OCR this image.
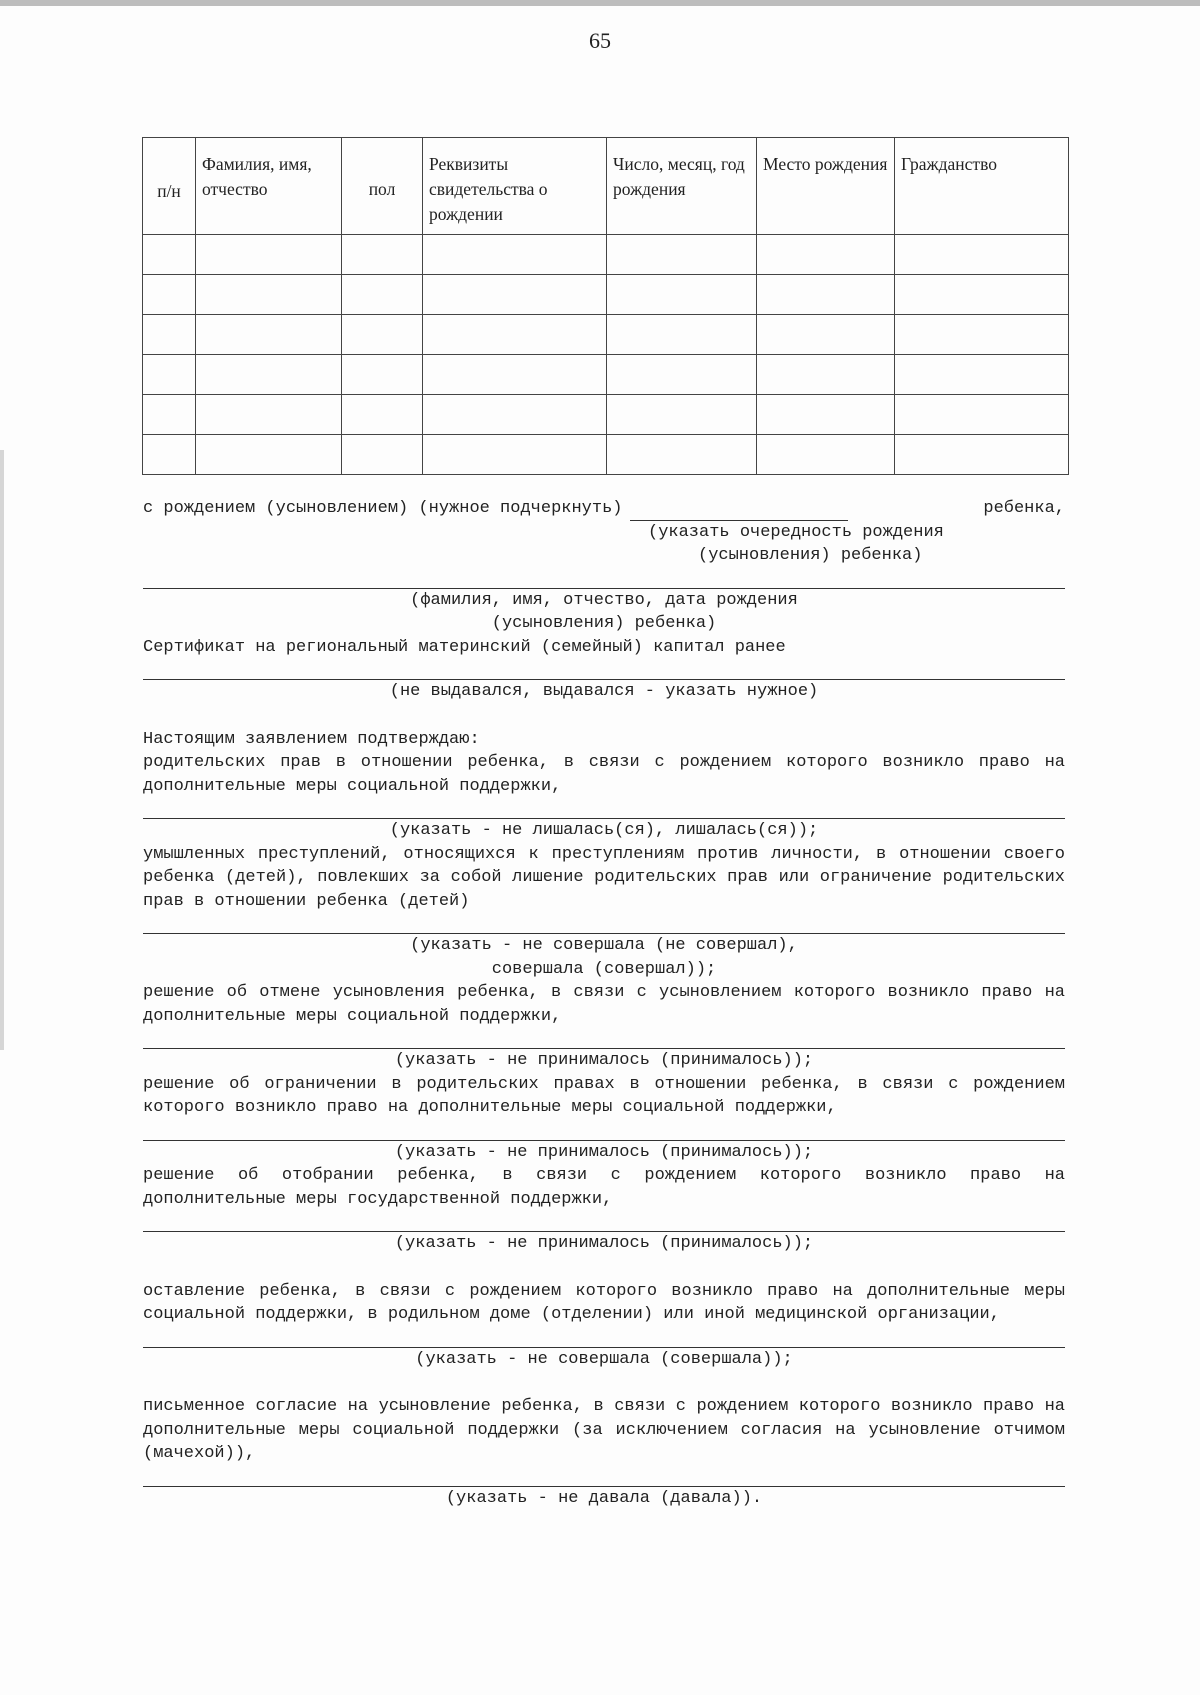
65
п/н	Фамилия, имя, отчество	пол	Реквизиты свидетельства о рождении	Число, месяц, год рождения	Место рождения	Гражданство

с рождением (усыновлением) (нужное подчеркнуть)	ребенка,
(указать очередность рождения
(усыновления) ребенка)
(фамилия, имя, отчество, дата рождения
(усыновления) ребенка)
Сертификат на региональный материнский (семейный) капитал ранее
(не выдавался, выдавался - указать нужное)
Настоящим заявлением подтверждаю:
родительских прав в отношении ребенка, в связи с рождением которого возникло право на дополнительные меры социальной поддержки,
(указать - не лишалась(ся), лишалась(ся));
умышленных преступлений, относящихся к преступлениям против личности, в отношении своего ребенка (детей), повлекших за собой лишение родительских прав или ограничение родительских прав в отношении ребенка (детей)
(указать - не совершала (не совершал),
совершала (совершал));
решение об отмене усыновления ребенка, в связи с усыновлением которого возникло право на дополнительные меры социальной поддержки,
(указать - не принималось (принималось));
решение об ограничении в родительских правах в отношении ребенка, в связи с рождением которого возникло право на дополнительные меры социальной поддержки,
(указать - не принималось (принималось));
решение об отобрании ребенка, в связи с рождением которого возникло право на дополнительные меры государственной поддержки,
(указать - не принималось (принималось));
оставление ребенка, в связи с рождением которого возникло право на дополнительные меры социальной поддержки, в родильном доме (отделении) или иной медицинской организации,
(указать - не совершала (совершала));
письменное согласие на усыновление ребенка, в связи с рождением которого возникло право на дополнительные меры социальной поддержки (за исключением согласия на усыновление отчимом (мачехой)),
(указать - не давала (давала)).
